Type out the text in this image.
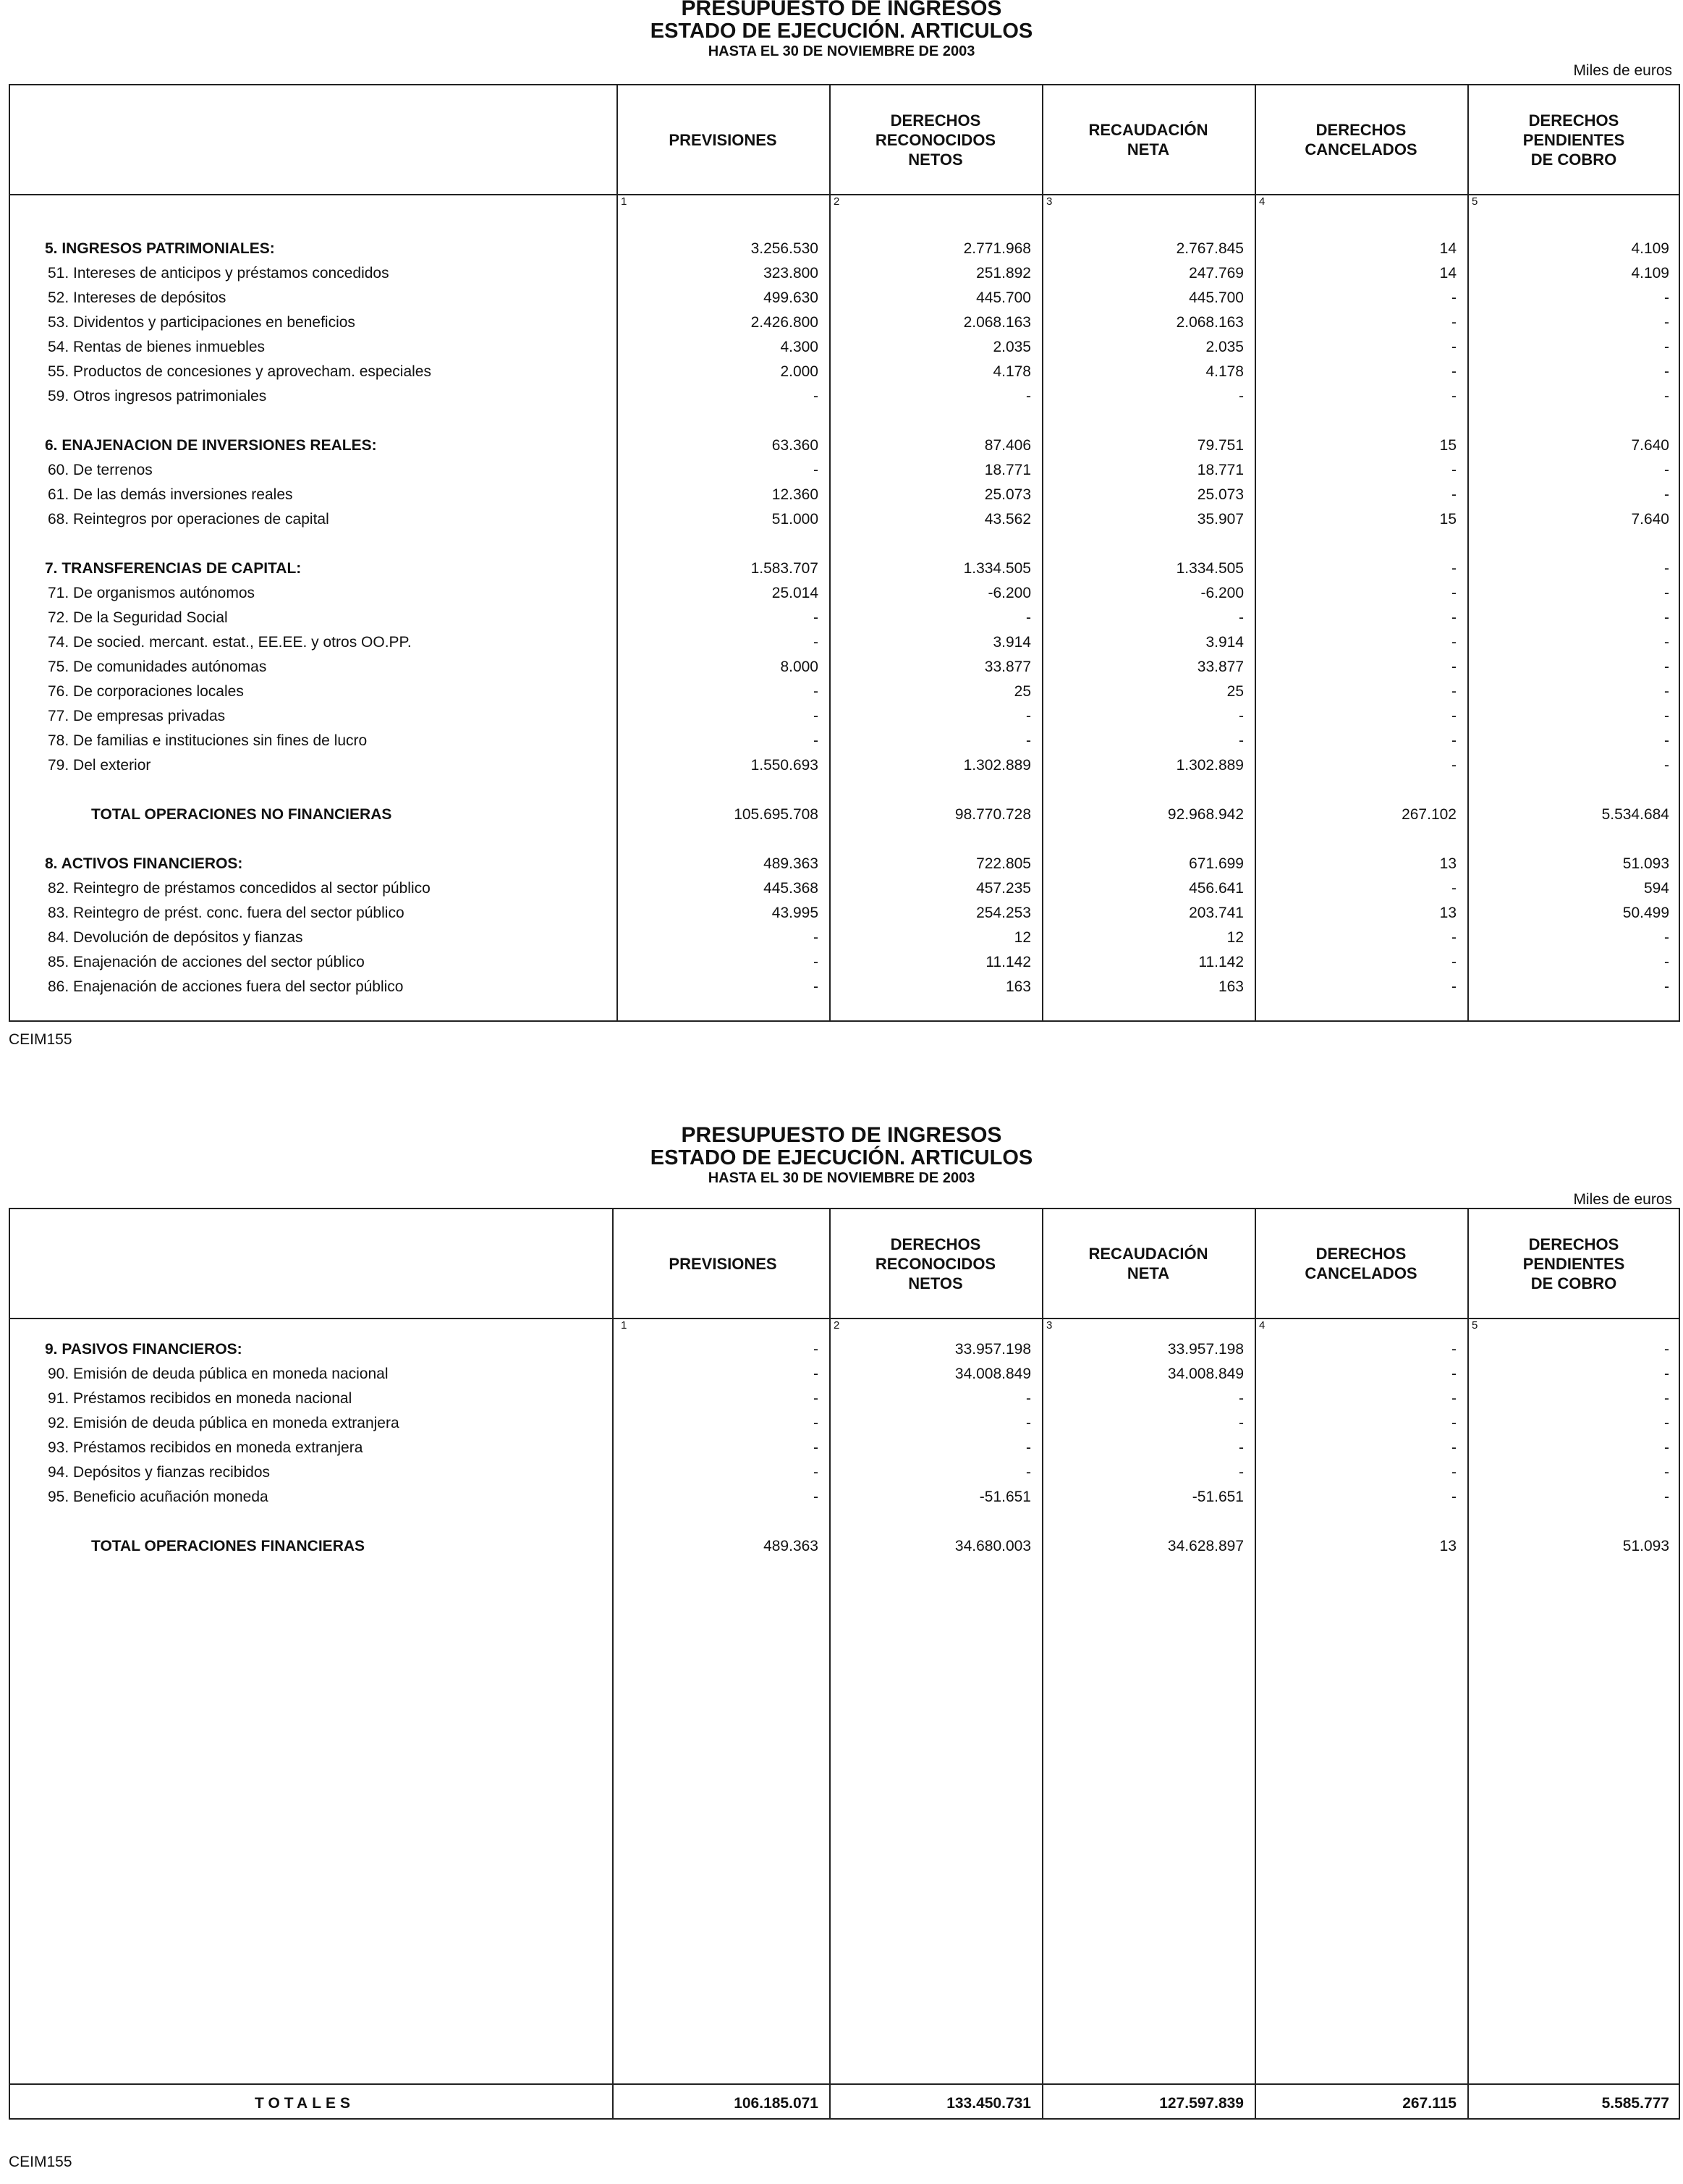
PRESUPUESTO DE INGRESOS
ESTADO DE EJECUCIÓN. ARTICULOS
HASTA EL 30 DE NOVIEMBRE DE 2003
Miles de euros
PREVISIONES
1
DERECHOS
RECONOCIDOS
NETOS
2
RECAUDACIÓN
NETA
3
DERECHOS
CANCELADOS
4
DERECHOS
PENDIENTES
DE COBRO
5
5. INGRESOS PATRIMONIALES:	3.256.530	2.771.968	2.767.845	14	4.109
51. Intereses de anticipos y préstamos concedidos	323.800	251.892	247.769	14	4.109
52. Intereses de depósitos	499.630	445.700	445.700	-	-
53. Dividentos y participaciones en beneficios	2.426.800	2.068.163	2.068.163	-	-
54. Rentas de bienes inmuebles	4.300	2.035	2.035	-	-
55. Productos de concesiones y aprovecham. especiales	2.000	4.178	4.178	-	-
59. Otros ingresos patrimoniales	-	-	-	-	-
6. ENAJENACION DE INVERSIONES REALES:	63.360	87.406	79.751	15	7.640
60. De terrenos	-	18.771	18.771	-	-
61. De las demás inversiones reales	12.360	25.073	25.073	-	-
68. Reintegros por operaciones de capital	51.000	43.562	35.907	15	7.640
7. TRANSFERENCIAS DE CAPITAL:	1.583.707	1.334.505	1.334.505	-	-
71. De organismos autónomos	25.014	-6.200	-6.200	-	-
72. De la Seguridad Social	-	-	-	-	-
74. De socied. mercant. estat., EE.EE. y otros OO.PP.	-	3.914	3.914	-	-
75. De comunidades autónomas	8.000	33.877	33.877	-	-
76. De corporaciones locales	-	25	25	-	-
77. De empresas privadas	-	-	-	-	-
78. De familias e instituciones sin fines de lucro	-	-	-	-	-
79. Del exterior	1.550.693	1.302.889	1.302.889	-	-
TOTAL OPERACIONES NO FINANCIERAS	105.695.708	98.770.728	92.968.942	267.102	5.534.684
8. ACTIVOS FINANCIEROS:	489.363	722.805	671.699	13	51.093
82. Reintegro de préstamos concedidos al sector público	445.368	457.235	456.641	-	594
83. Reintegro de prést. conc. fuera del sector público	43.995	254.253	203.741	13	50.499
84. Devolución de depósitos y fianzas	-	12	12	-	-
85. Enajenación de acciones del sector público	-	11.142	11.142	-	-
86. Enajenación de acciones fuera del sector público	-	163	163	-	-
CEIM155
PRESUPUESTO DE INGRESOS
ESTADO DE EJECUCIÓN. ARTICULOS
HASTA EL 30 DE NOVIEMBRE DE 2003
Miles de euros
PREVISIONES
1
DERECHOS
RECONOCIDOS
NETOS
2
RECAUDACIÓN
NETA
3
DERECHOS
CANCELADOS
4
DERECHOS
PENDIENTES
DE COBRO
5
9. PASIVOS FINANCIEROS:	-	33.957.198	33.957.198	-	-
90. Emisión de deuda pública en moneda nacional	-	34.008.849	34.008.849	-	-
91. Préstamos recibidos en moneda nacional	-	-	-	-	-
92. Emisión de deuda pública en moneda extranjera	-	-	-	-	-
93. Préstamos recibidos en moneda extranjera	-	-	-	-	-
94. Depósitos y fianzas recibidos	-	-	-	-	-
95. Beneficio acuñación moneda	-	-51.651	-51.651	-	-
TOTAL OPERACIONES FINANCIERAS	489.363	34.680.003	34.628.897	13	51.093
TOTALES	106.185.071	133.450.731	127.597.839	267.115	5.585.777
CEIM155
